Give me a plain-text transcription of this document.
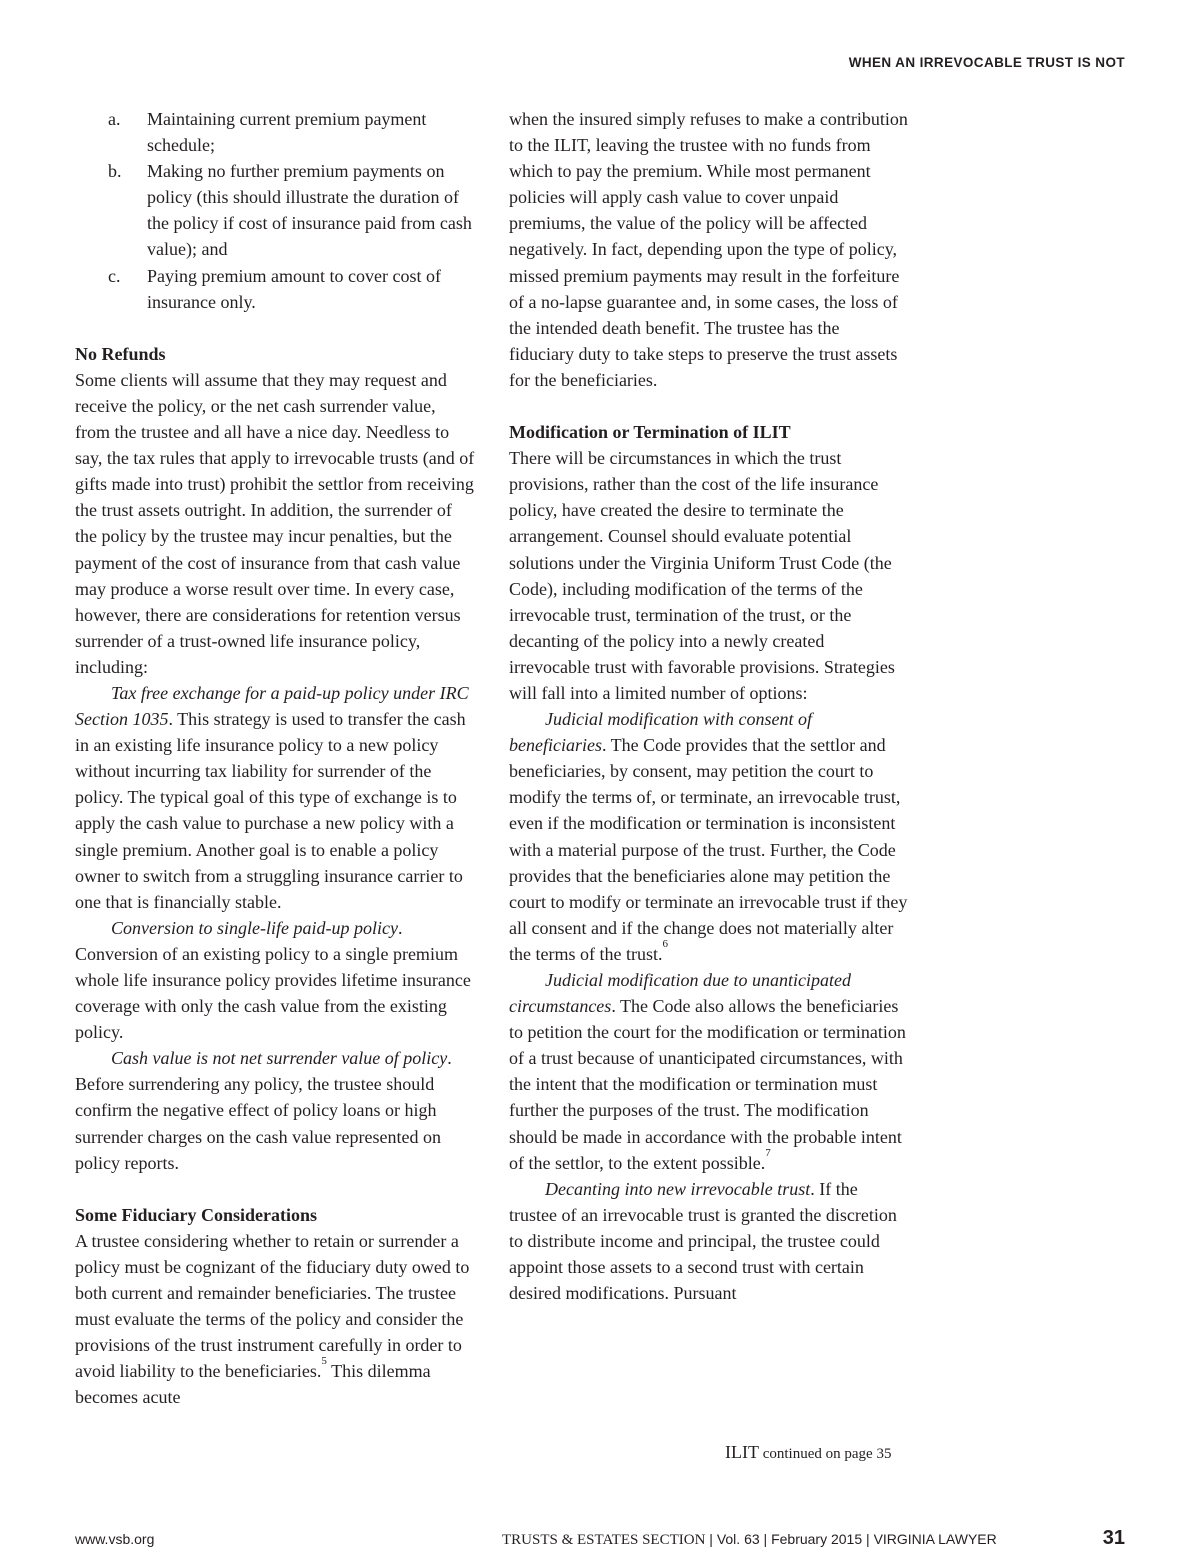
WHEN AN IRREVOCABLE TRUST IS NOT
a.	Maintaining current premium payment schedule;
b.	Making no further premium payments on policy (this should illustrate the duration of the policy if cost of insurance paid from cash value); and
c.	Paying premium amount to cover cost of insurance only.

No Refunds

Some clients will assume that they may request and receive the policy, or the net cash surrender value, from the trustee and all have a nice day. Needless to say, the tax rules that apply to irrevocable trusts (and of gifts made into trust) prohibit the settlor from receiving the trust assets outright. In addition, the surrender of the policy by the trustee may incur penalties, but the payment of the cost of insurance from that cash value may produce a worse result over time. In every case, however, there are considerations for retention versus surrender of a trust-owned life insurance policy, including:

Tax free exchange for a paid-up policy under IRC Section 1035. This strategy is used to transfer the cash in an existing life insurance policy to a new policy without incurring tax liability for surrender of the policy. The typical goal of this type of exchange is to apply the cash value to purchase a new policy with a single premium. Another goal is to enable a policy owner to switch from a struggling insurance carrier to one that is financially stable.

Conversion to single-life paid-up policy. Conversion of an existing policy to a single premium whole life insurance policy provides lifetime insurance coverage with only the cash value from the existing policy.

Cash value is not net surrender value of policy. Before surrendering any policy, the trustee should confirm the negative effect of policy loans or high surrender charges on the cash value represented on policy reports.

Some Fiduciary Considerations

A trustee considering whether to retain or surrender a policy must be cognizant of the fiduciary duty owed to both current and remainder beneficiaries. The trustee must evaluate the terms of the policy and consider the provisions of the trust instrument carefully in order to avoid liability to the beneficiaries.$^5$ This dilemma becomes acute

when the insured simply refuses to make a contribution to the ILIT, leaving the trustee with no funds from which to pay the premium. While most permanent policies will apply cash value to cover unpaid premiums, the value of the policy will be affected negatively. In fact, depending upon the type of policy, missed premium payments may result in the forfeiture of a no-lapse guarantee and, in some cases, the loss of the intended death benefit. The trustee has the fiduciary duty to take steps to preserve the trust assets for the beneficiaries.

Modification or Termination of ILIT

There will be circumstances in which the trust provisions, rather than the cost of the life insurance policy, have created the desire to terminate the arrangement. Counsel should evaluate potential solutions under the Virginia Uniform Trust Code (the Code), including modification of the terms of the irrevocable trust, termination of the trust, or the decanting of the policy into a newly created irrevocable trust with favorable provisions. Strategies will fall into a limited number of options:

Judicial modification with consent of beneficiaries. The Code provides that the settlor and beneficiaries, by consent, may petition the court to modify the terms of, or terminate, an irrevocable trust, even if the modification or termination is inconsistent with a material purpose of the trust. Further, the Code provides that the beneficiaries alone may petition the court to modify or terminate an irrevocable trust if they all consent and if the change does not materially alter the terms of the trust.$^6$

Judicial modification due to unanticipated circumstances. The Code also allows the beneficiaries to petition the court for the modification or termination of a trust because of unanticipated circumstances, with the intent that the modification or termination must further the purposes of the trust. The modification should be made in accordance with the probable intent of the settlor, to the extent possible.$^7$

Decanting into new irrevocable trust. If the trustee of an irrevocable trust is granted the discretion to distribute income and principal, the trustee could appoint those assets to a second trust with certain desired modifications. Pursuant

ILIT continued on page 35
www.vsb.org	TRUSTS & ESTATES SECTION | Vol. 63 | February 2015 | VIRGINIA LAWYER	31
